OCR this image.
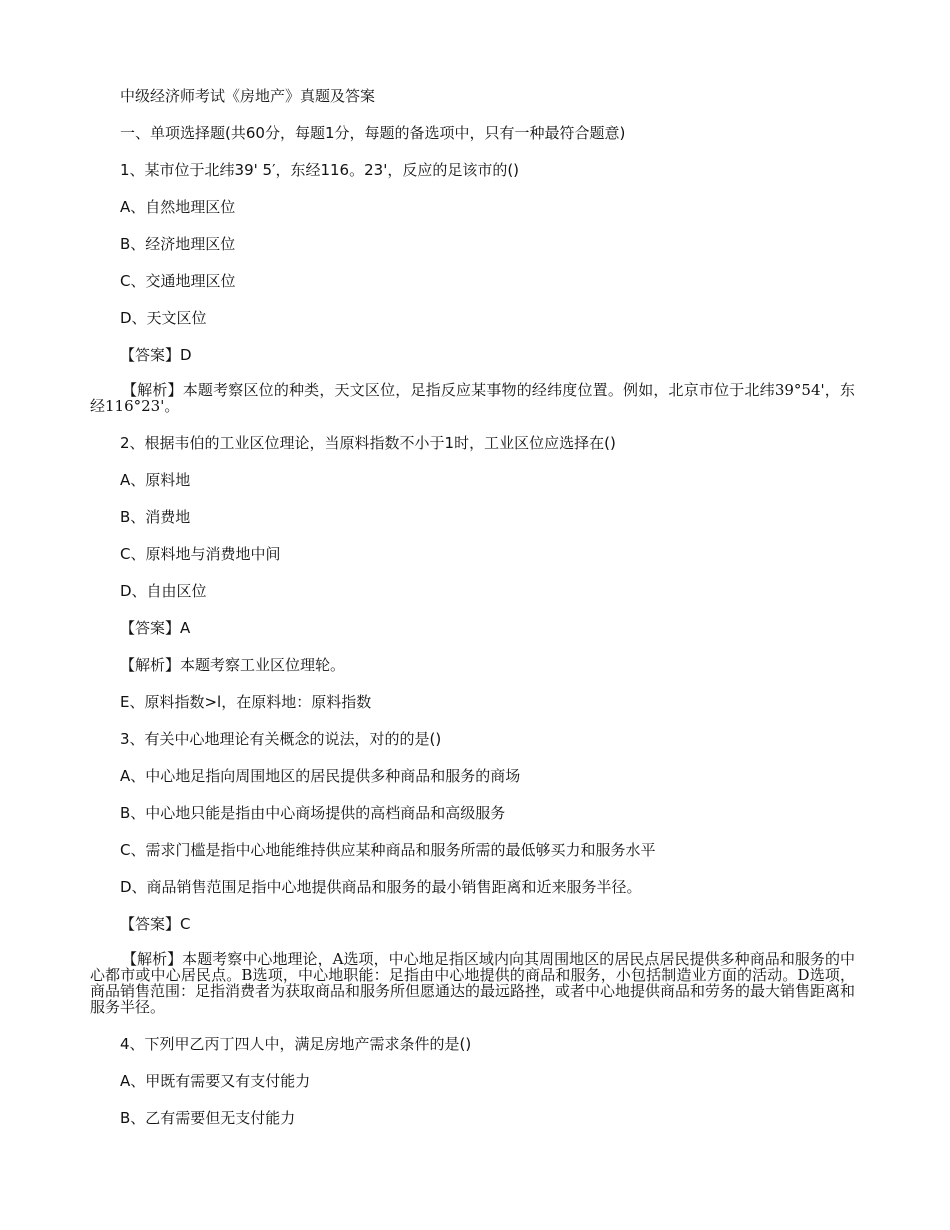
中级经济师考试《房地产》真题及答案
一、单项选择题(共60分，每题1分，每题的备选项中，只有一种最符合题意)
1、某市位于北纬39' 5′，东经116。23'，反应的足该市的()
A、自然地理区位
B、经济地理区位
C、交通地理区位
D、天文区位
【答案】D
【解析】本题考察区位的种类，天文区位，足指反应某事物的经纬度位置。例如，北京市位于北纬39°54'，东经116°23'。
2、根据韦伯的工业区位理论，当原料指数不小于1时，工业区位应选择在()
A、原料地
B、消费地
C、原料地与消费地中间
D、自由区位
【答案】A
【解析】本题考察工业区位理轮。
E、原料指数>l，在原料地：原料指数
3、有关中心地理论有关概念的说法，对的的是()
A、中心地足指向周围地区的居民提供多种商品和服务的商场
B、中心地只能是指由中心商场提供的高档商品和高级服务
C、需求门槛是指中心地能维持供应某种商品和服务所需的最低够买力和服务水平
D、商品销售范围足指中心地提供商品和服务的最小销售距离和近来服务半径。
【答案】C
【解析】本题考察中心地理论，A选项，中心地足指区域内向其周围地区的居民点居民提供多种商品和服务的中心都市或中心居民点。B选项，中心地职能：足指由中心地提供的商品和服务，小包括制造业方面的活动。D选项，商品销售范围：足指消费者为获取商品和服务所但愿通达的最远路挫，或者中心地提供商品和劳务的最大销售距离和服务半径。
4、下列甲乙丙丁四人中，满足房地产需求条件的是()
A、甲既有需要又有支付能力
B、乙有需要但无支付能力
